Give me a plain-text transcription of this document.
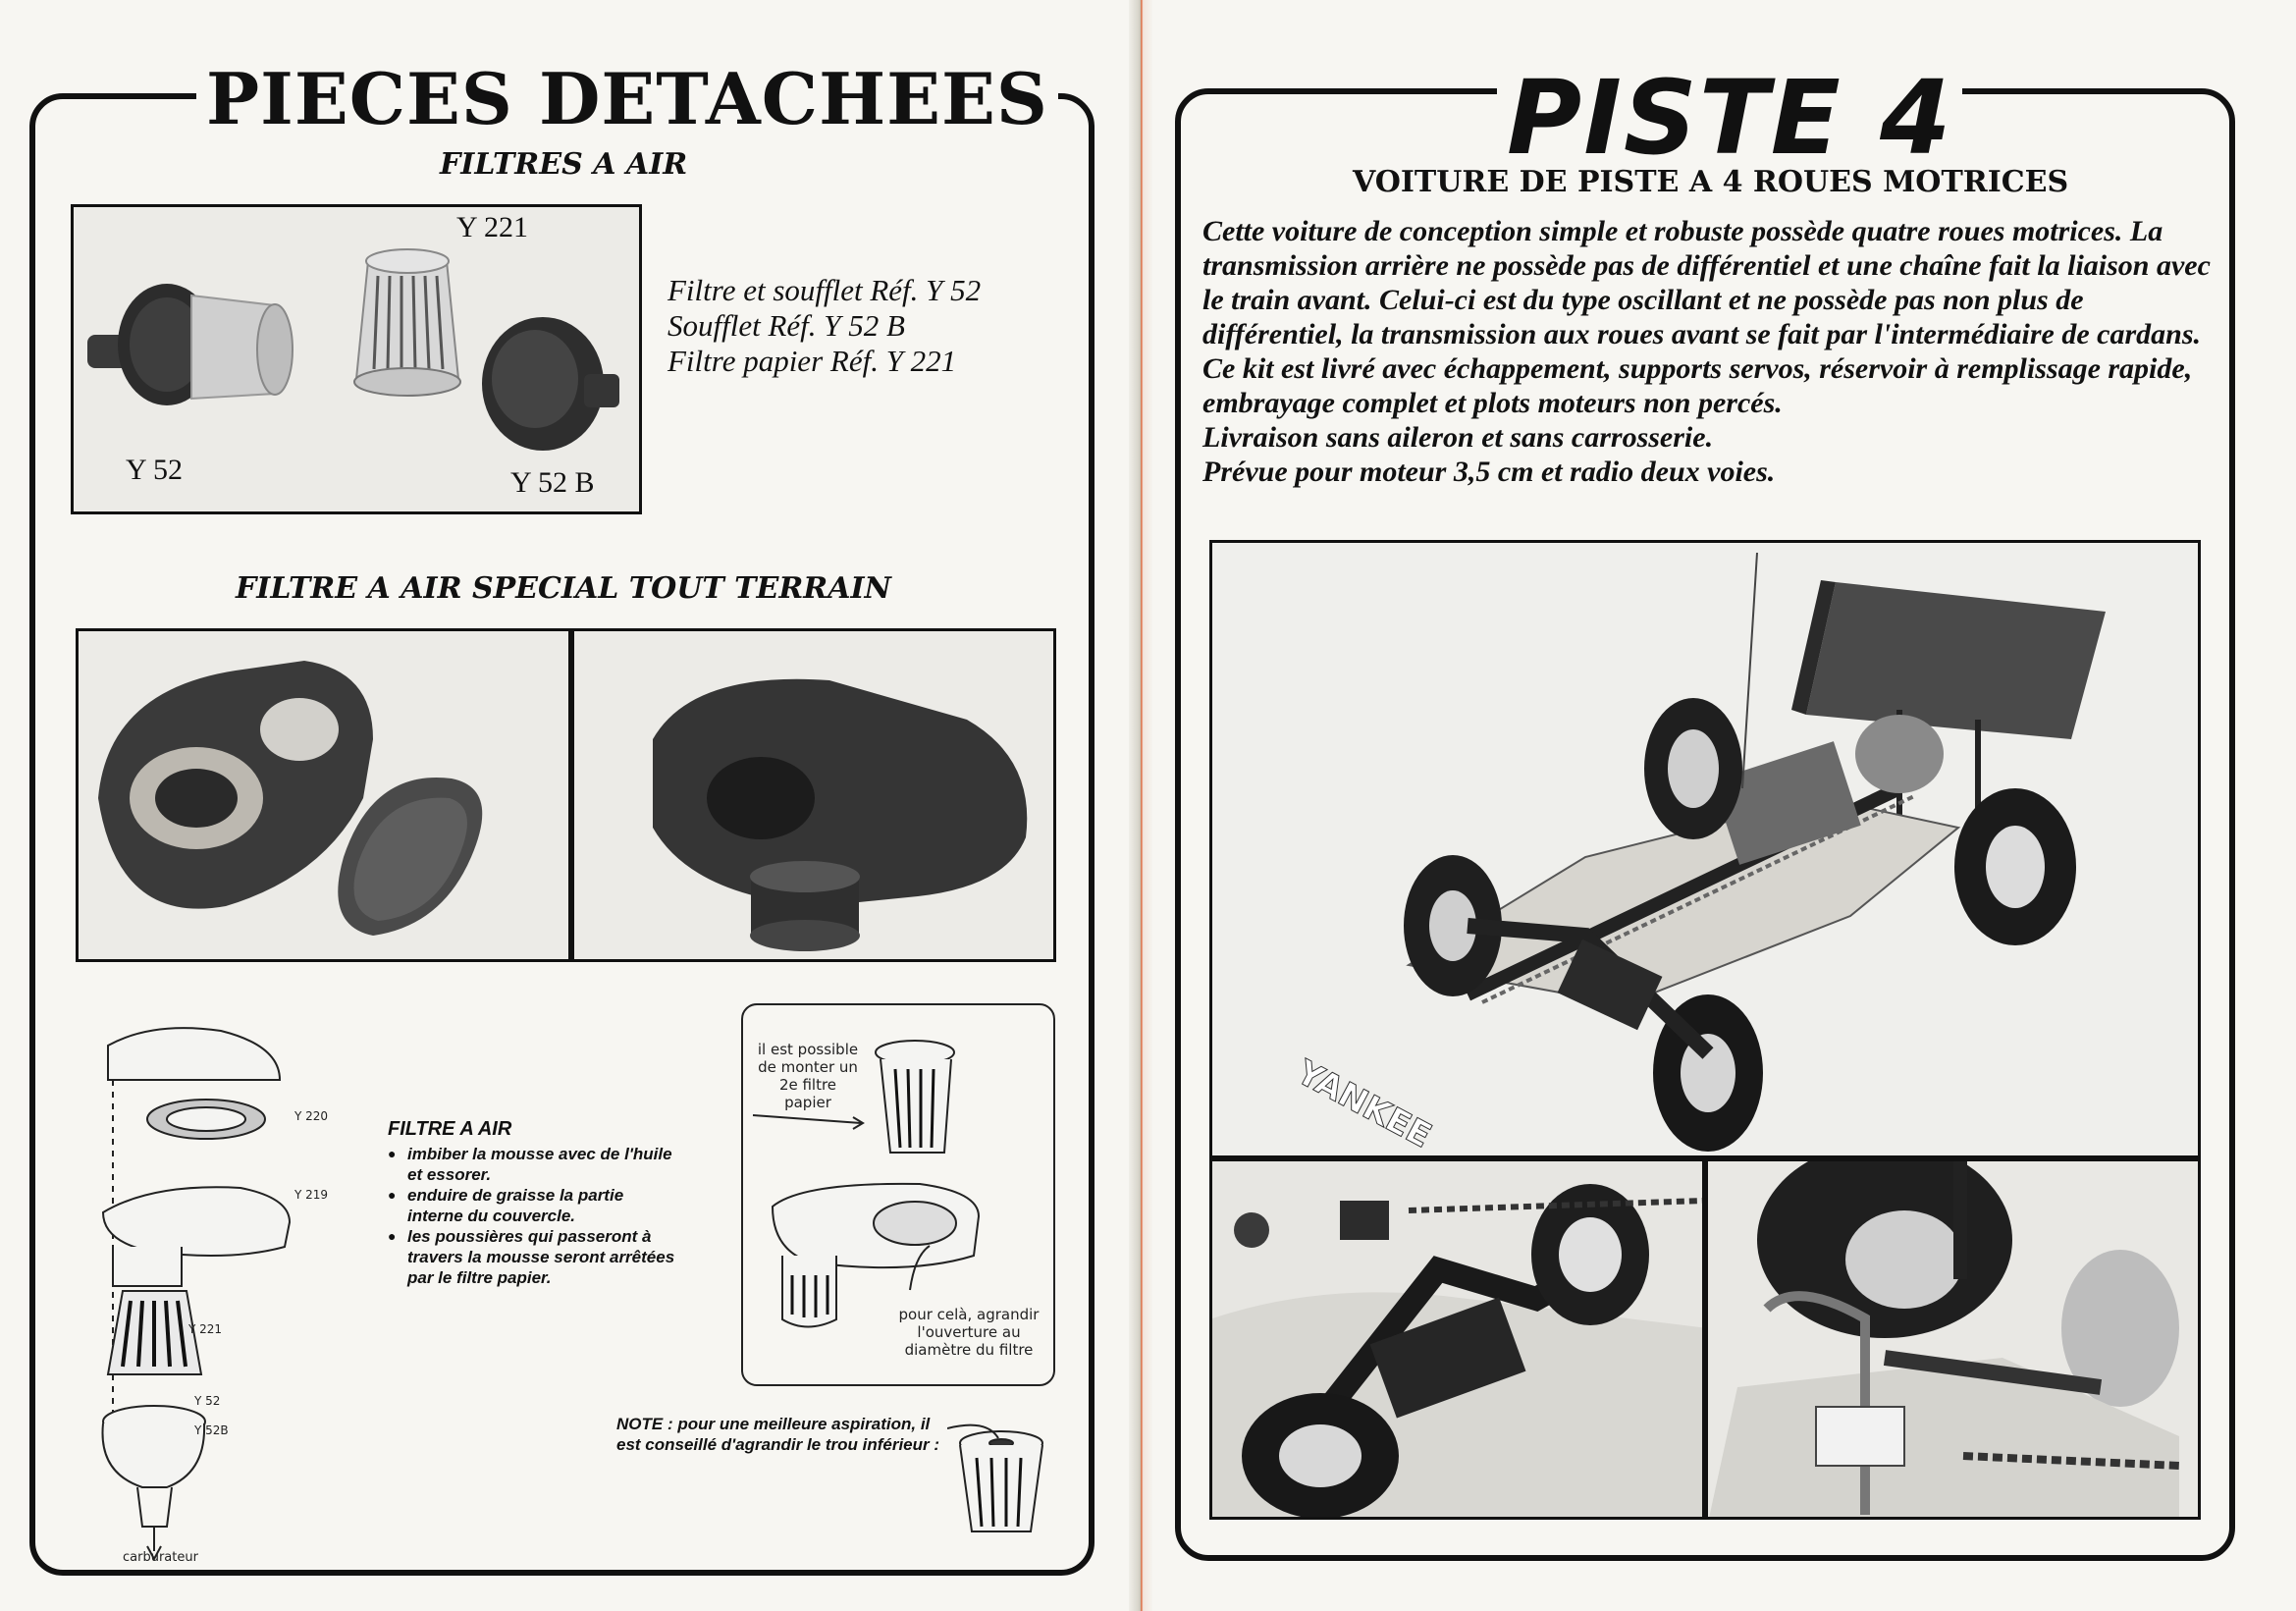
PIECES DETACHEES
FILTRES A AIR
Y 221
Y 52	Y 52 B
Filtre et soufflet Réf. Y 52
Soufflet Réf. Y 52 B
Filtre papier Réf. Y 221
FILTRE A AIR SPECIAL TOUT TERRAIN
Y 220
Y 219
Y 221
Y 52
Y 52B
carburateur
FILTRE A AIR
● imbiber la mousse avec de l'huile et essorer.
● enduire de graisse la partie interne du couvercle.
● les poussières qui passeront à travers la mousse seront arrêtées par le filtre papier.
il est possible de monter un 2e filtre papier
pour celà, agrandir l'ouverture au diamètre du filtre
NOTE : pour une meilleure aspiration, il est conseillé d'agrandir le trou inférieur :
PISTE 4
VOITURE DE PISTE A 4 ROUES MOTRICES

Cette voiture de conception simple et robuste possède quatre roues motrices. La transmission arrière ne possède pas de différentiel et une chaîne fait la liaison avec le train avant. Celui-ci est du type oscillant et ne possède pas non plus de différentiel, la transmission aux roues avant se fait par l'intermédiaire de cardans.

Ce kit est livré avec échappement, supports servos, réservoir à remplissage rapide, embrayage complet et plots moteurs non percés.

Livraison sans aileron et sans carrosserie.

Prévue pour moteur 3,5 cm et radio deux voies.

YANKEE
